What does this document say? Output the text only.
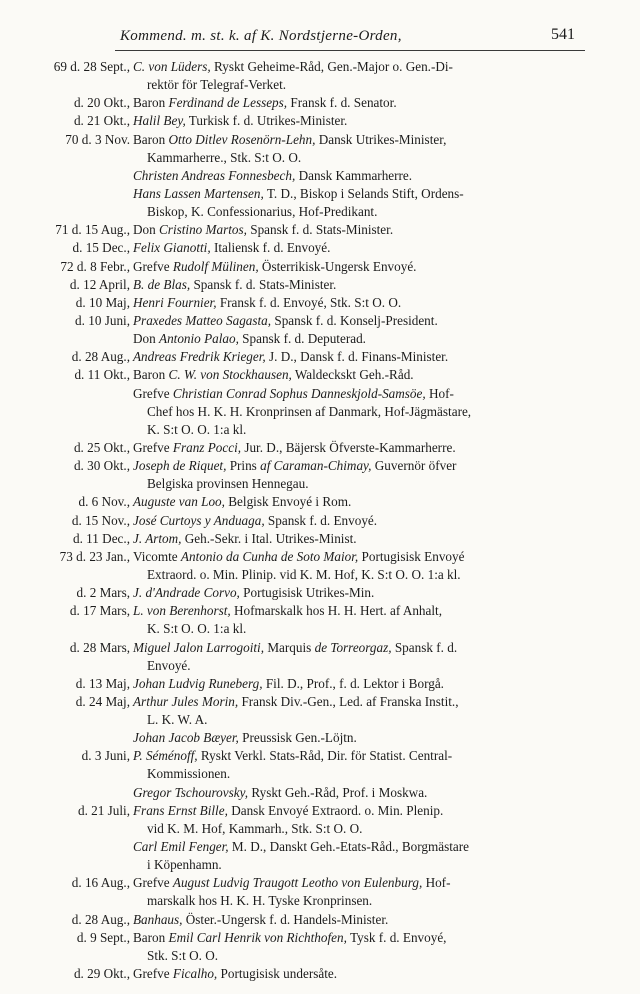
Kommend. m. st. k. af K. Nordstjerne-Orden,	541
69 d. 28 Sept., C. von Lüders, Ryskt Geheime-Råd, Gen.-Major o. Gen.-Di-
rektör för Telegraf-Verket.
d. 20 Okt., Baron Ferdinand de Lesseps, Fransk f. d. Senator.
d. 21 Okt., Halil Bey, Turkisk f. d. Utrikes-Minister.
70 d. 3 Nov. Baron Otto Ditlev Rosenörn-Lehn, Dansk Utrikes-Minister,
Kammarherre., Stk. S:t O. O.
Christen Andreas Fonnesbech, Dansk Kammarherre.
Hans Lassen Martensen, T. D., Biskop i Selands Stift, Ordens-
Biskop, K. Confessionarius, Hof-Predikant.
71 d. 15 Aug., Don Cristino Martos, Spansk f. d. Stats-Minister.
d. 15 Dec., Felix Gianotti, Italiensk f. d. Envoyé.
72 d. 8 Febr., Grefve Rudolf Mülinen, Österrikisk-Ungersk Envoyé.
d. 12 April, B. de Blas, Spansk f. d. Stats-Minister.
d. 10 Maj, Henri Fournier, Fransk f. d. Envoyé, Stk. S:t O. O.
d. 10 Juni, Praxedes Matteo Sagasta, Spansk f. d. Konselj-President.
Don Antonio Palao, Spansk f. d. Deputerad.
d. 28 Aug., Andreas Fredrik Krieger, J. D., Dansk f. d. Finans-Minister.
d. 11 Okt., Baron C. W. von Stockhausen, Waldeckskt Geh.-Råd.
Grefve Christian Conrad Sophus Danneskjold-Samsöe, Hof-
Chef hos H. K. H. Kronprinsen af Danmark, Hof-Jägmästare,
K. S:t O. O. 1:a kl.
d. 25 Okt., Grefve Franz Pocci, Jur. D., Bäjersk Öfverste-Kammarherre.
d. 30 Okt., Joseph de Riquet, Prins af Caraman-Chimay, Guvernör öfver
Belgiska provinsen Hennegau.
d. 6 Nov., Auguste van Loo, Belgisk Envoyé i Rom.
d. 15 Nov., José Curtoys y Anduaga, Spansk f. d. Envoyé.
d. 11 Dec., J. Artom, Geh.-Sekr. i Ital. Utrikes-Minist.
73 d. 23 Jan., Vicomte Antonio da Cunha de Soto Maior, Portugisisk Envoyé
Extraord. o. Min. Plinip. vid K. M. Hof, K. S:t O. O. 1:a kl.
d. 2 Mars, J. d'Andrade Corvo, Portugisisk Utrikes-Min.
d. 17 Mars, L. von Berenhorst, Hofmarskalk hos H. H. Hert. af Anhalt,
K. S:t O. O. 1:a kl.
d. 28 Mars, Miguel Jalon Larrogoiti, Marquis de Torreorgaz, Spansk f. d.
Envoyé.
d. 13 Maj, Johan Ludvig Runeberg, Fil. D., Prof., f. d. Lektor i Borgå.
d. 24 Maj, Arthur Jules Morin, Fransk Div.-Gen., Led. af Franska Instit.,
L. K. W. A.
Johan Jacob Bæyer, Preussisk Gen.-Löjtn.
d. 3 Juni, P. Séménoff, Ryskt Verkl. Stats-Råd, Dir. för Statist. Central-
Kommissionen.
Gregor Tschourovsky, Ryskt Geh.-Råd, Prof. i Moskwa.
d. 21 Juli, Frans Ernst Bille, Dansk Envoyé Extraord. o. Min. Plenip.
vid K. M. Hof, Kammarh., Stk. S:t O. O.
Carl Emil Fenger, M. D., Danskt Geh.-Etats-Råd., Borgmästare
i Köpenhamn.
d. 16 Aug., Grefve August Ludvig Traugott Leotho von Eulenburg, Hof-
marskalk hos H. K. H. Tyske Kronprinsen.
d. 28 Aug., Banhaus, Öster.-Ungersk f. d. Handels-Minister.
d. 9 Sept., Baron Emil Carl Henrik von Richthofen, Tysk f. d. Envoyé,
Stk. S:t O. O.
d. 29 Okt., Grefve Ficalho, Portugisisk undersåte.
